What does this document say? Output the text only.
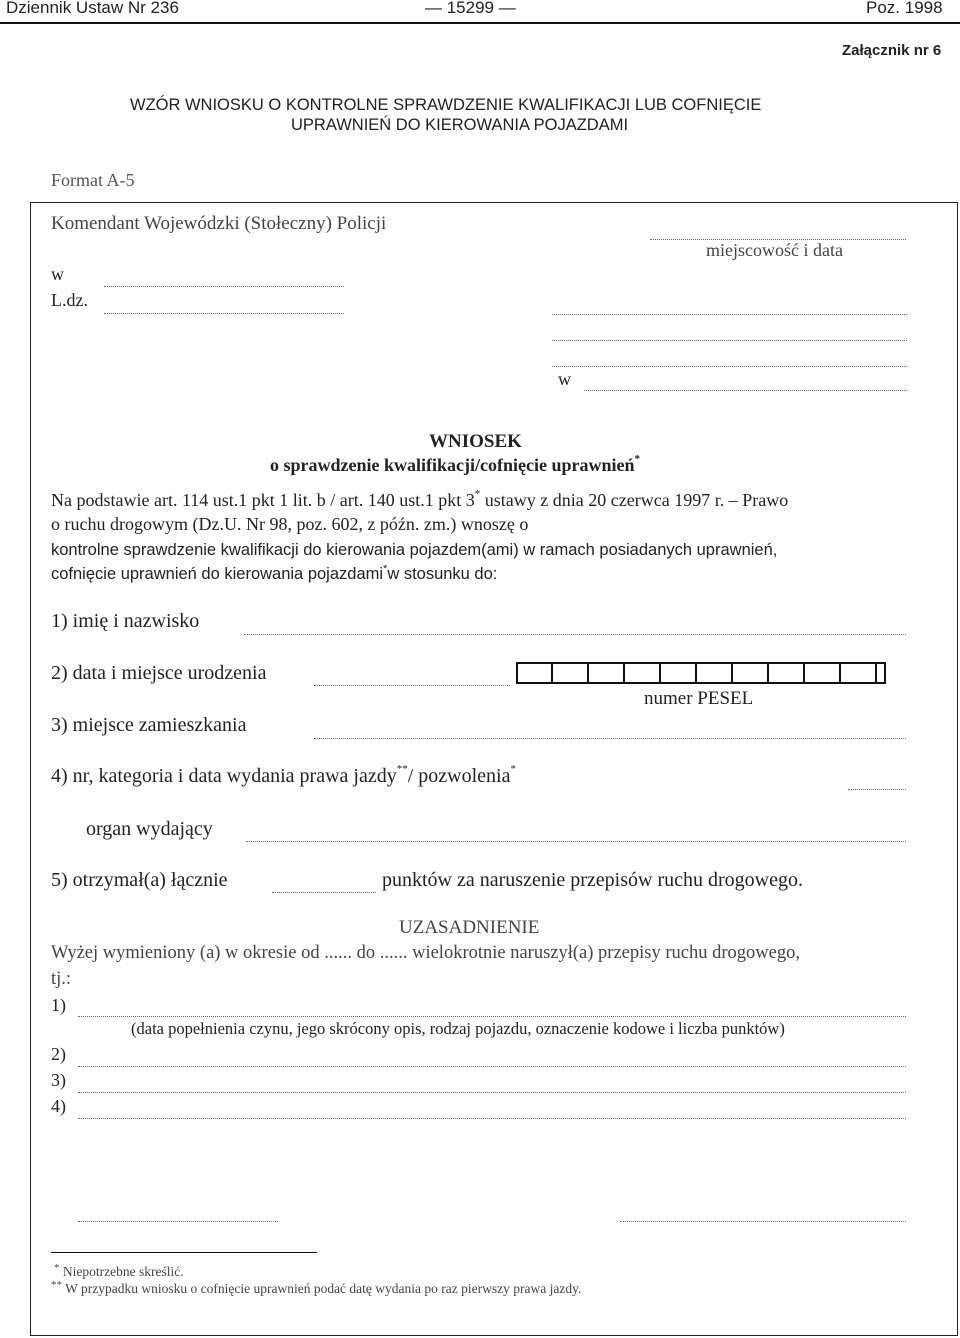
Dziennik Ustaw Nr 236	— 15299 —	Poz. 1998
Załącznik nr 6
WZÓR WNIOSKU O KONTROLNE SPRAWDZENIE KWALIFIKACJI LUB COFNIĘCIE
UPRAWNIEŃ DO KIEROWANIA POJAZDAMI
Format A-5
Komendant Wojewódzki (Stołeczny) Policji
w
L.dz.
miejscowość i data
w
WNIOSEK
o sprawdzenie kwalifikacji/cofnięcie uprawnień*
Na podstawie art. 114 ust.1 pkt 1 lit. b / art. 140 ust.1 pkt 3* ustawy z dnia 20 czerwca 1997 r. – Prawo
o ruchu drogowym (Dz.U. Nr 98, poz. 602, z późn. zm.) wnoszę o
kontrolne sprawdzenie kwalifikacji do kierowania pojazdem(ami) w ramach posiadanych uprawnień,
cofnięcie uprawnień do kierowania pojazdami*w stosunku do:
1) imię i nazwisko
2) data i miejsce urodzenia
numer PESEL
3) miejsce zamieszkania
4) nr, kategoria i data wydania prawa jazdy**/ pozwolenia*
organ wydający
5) otrzymał(a) łącznie	punktów za naruszenie przepisów ruchu drogowego.
UZASADNIENIE
Wyżej wymieniony (a) w okresie od ...... do ...... wielokrotnie naruszył(a) przepisy ruchu drogowego,
tj.:
1)
(data popełnienia czynu, jego skrócony opis, rodzaj pojazdu, oznaczenie kodowe i liczba punktów)
2)
3)
4)
* Niepotrzebne skreślić.
** W przypadku wniosku o cofnięcie uprawnień podać datę wydania po raz pierwszy prawa jazdy.
